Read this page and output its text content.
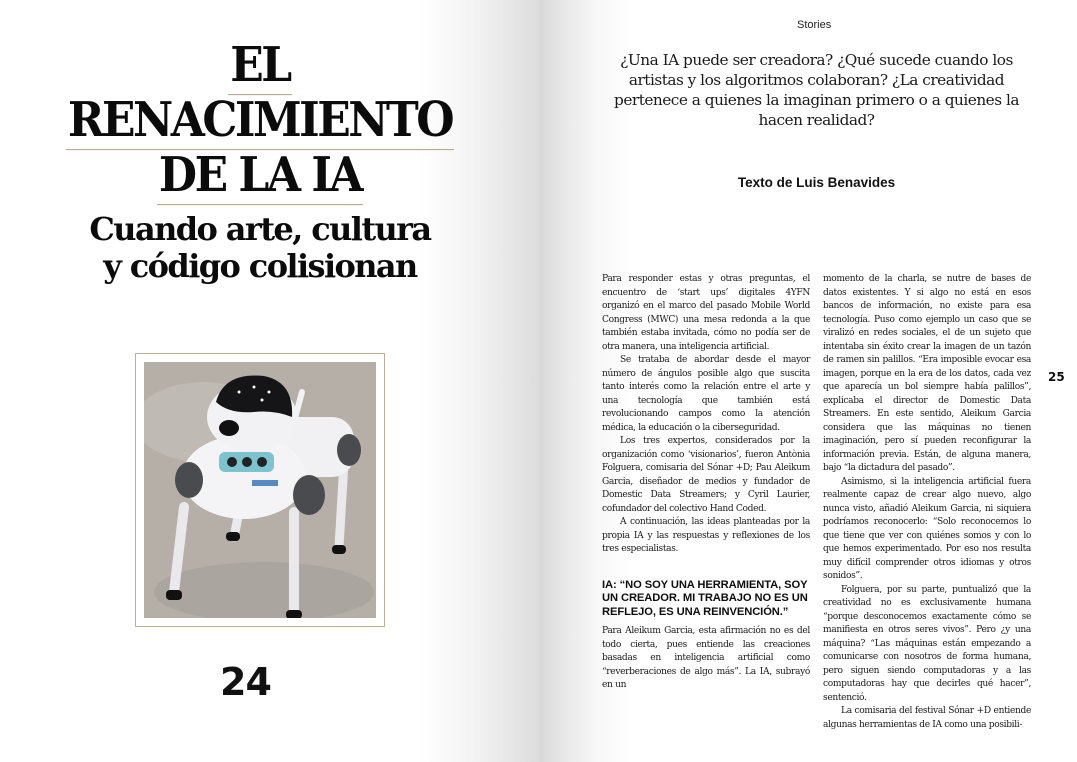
EL
RENACIMIENTO
DE LA IA
Cuando arte, cultura
y código colisionan
24
Stories
¿Una IA puede ser creadora? ¿Qué sucede cuando los artistas y los algoritmos colaboran? ¿La creatividad pertenece a quienes la imaginan primero o a quienes la hacen realidad?
Texto de Luis Benavides

Para responder estas y otras preguntas, el encuentro de ‘start ups’ digitales 4YFN organizó en el marco del pasado Mobile World Congress (MWC) una mesa redonda a la que también estaba invitada, cómo no podía ser de otra manera, una inteligencia artificial.

Se trataba de abordar desde el mayor número de ángulos posible algo que suscita tanto interés como la relación entre el arte y una tecnología que también está revolucionando campos como la atención médica, la educación o la ciberseguridad.

Los tres expertos, considerados por la organización como ‘visionarios’, fueron Antònia Folguera, comisaria del Sónar +D; Pau Aleikum Garcia, diseñador de medios y fundador de Domestic Data Streamers; y Cyril Laurier, cofundador del colectivo Hand Coded.

A continuación, las ideas planteadas por la propia IA y las respuestas y reflexiones de los tres especialistas.

IA: “NO SOY UNA HERRAMIENTA, SOY UN CREADOR. MI TRABAJO NO ES UN REFLEJO, ES UNA REINVENCIÓN.”

Para Aleikum Garcia, esta afirmación no es del todo cierta, pues entiende las creaciones basadas en inteligencia artificial como “reverberaciones de algo más”. La IA, subrayó en un

momento de la charla, se nutre de bases de datos existentes. Y si algo no está en esos bancos de información, no existe para esa tecnología. Puso como ejemplo un caso que se viralizó en redes sociales, el de un sujeto que intentaba sin éxito crear la imagen de un tazón de ramen sin palillos. “Era imposible evocar esa imagen, porque en la era de los datos, cada vez que aparecía un bol siempre había palillos”, explicaba el director de Domestic Data Streamers. En este sentido, Aleikum Garcia considera que las máquinas no tienen imaginación, pero sí pueden reconfigurar la información previa. Están, de alguna manera, bajo “la dictadura del pasado”.

Asimismo, si la inteligencia artificial fuera realmente capaz de crear algo nuevo, algo nunca visto, añadió Aleikum Garcia, ni siquiera podríamos reconocerlo: “Solo reconocemos lo que tiene que ver con quiénes somos y con lo que hemos experimentado. Por eso nos resulta muy difícil comprender otros idiomas y otros sonidos”.

Folguera, por su parte, puntualizó que la creatividad no es exclusivamente humana “porque desconocemos exactamente cómo se manifiesta en otros seres vivos”. Pero ¿y una máquina? “Las máquinas están empezando a comunicarse con nosotros de forma humana, pero siguen siendo computadoras y a las computadoras hay que decirles qué hacer”, sentenció.

La comisaria del festival Sónar +D entiende algunas herramientas de IA como una posibili-

25
